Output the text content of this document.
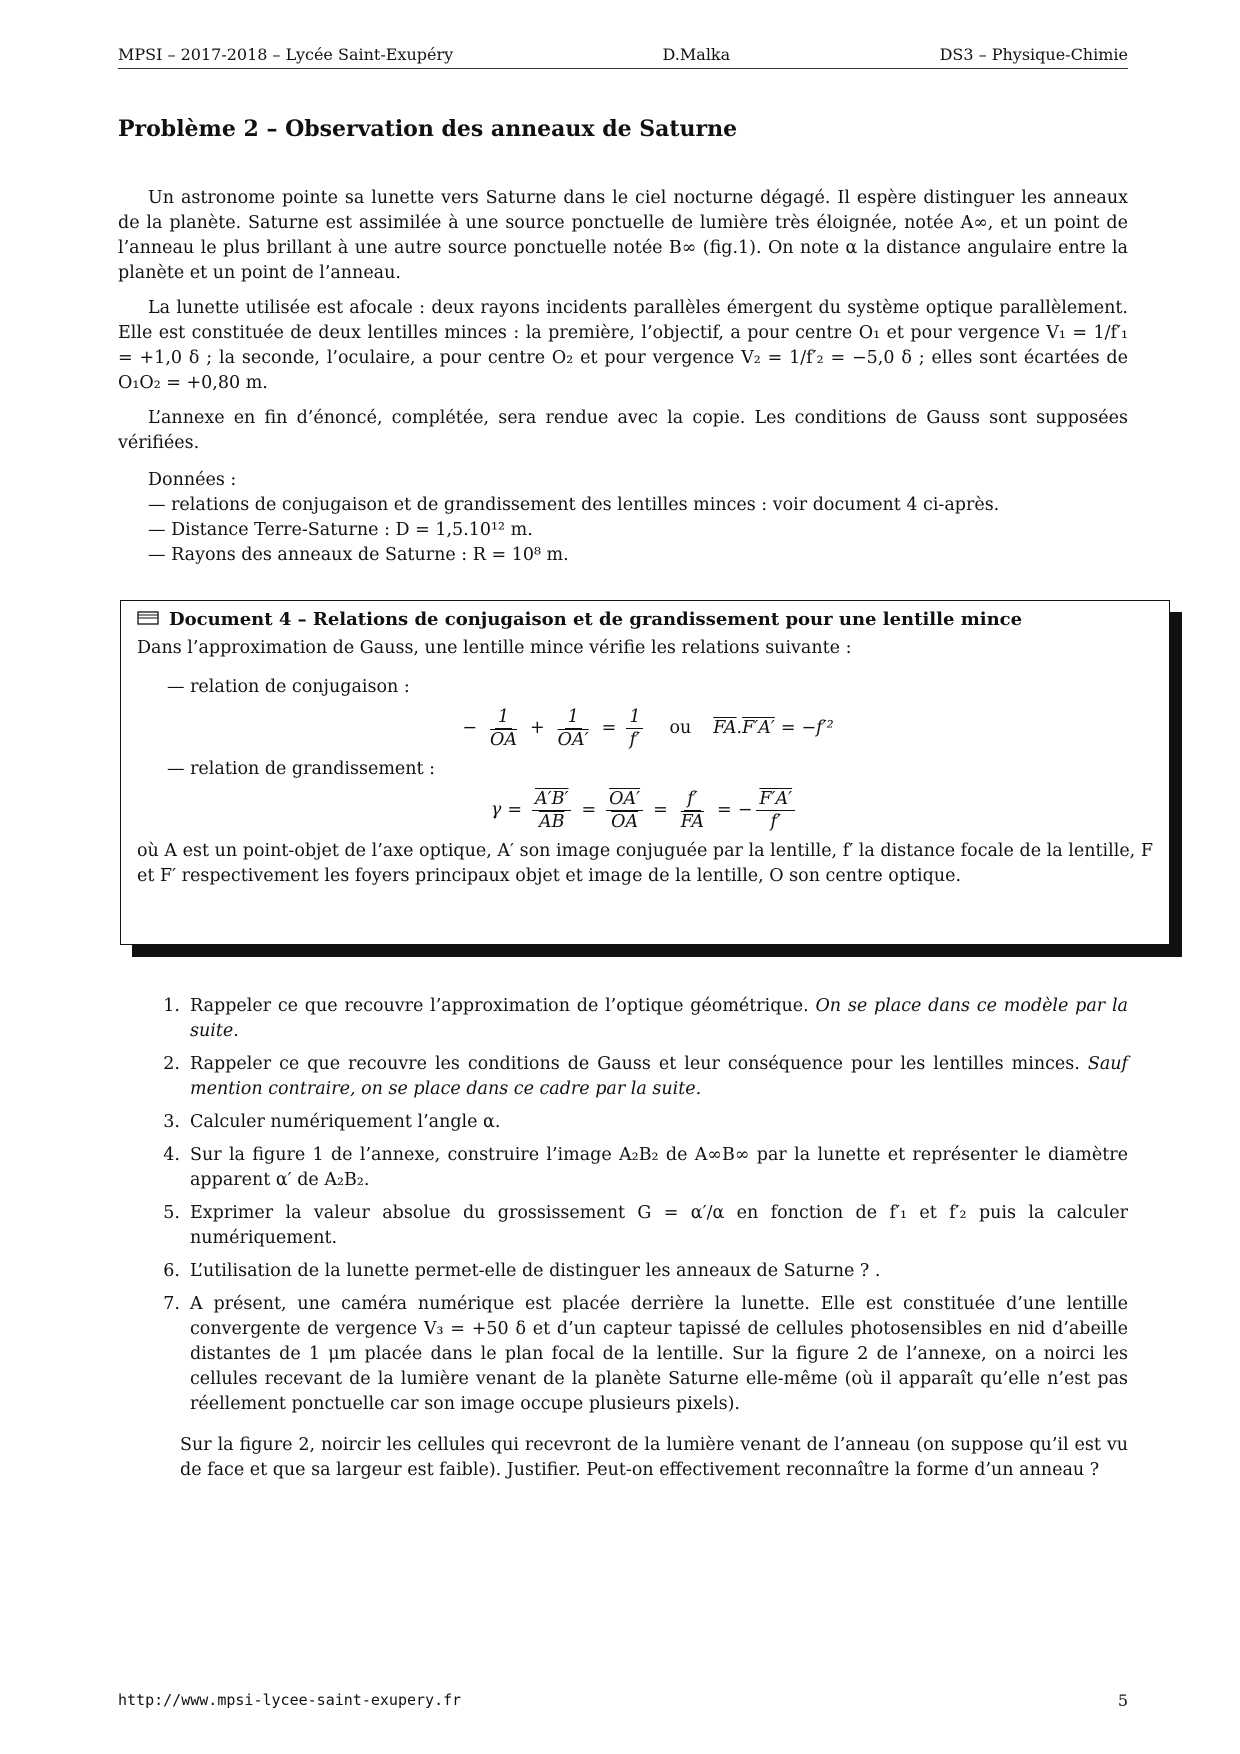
MPSI – 2017-2018 – Lycée Saint-Exupéry	D.Malka	DS3 – Physique-Chimie
Problème 2 – Observation des anneaux de Saturne

Un astronome pointe sa lunette vers Saturne dans le ciel nocturne dégagé. Il espère distinguer les anneaux de la planète. Saturne est assimilée à une source ponctuelle de lumière très éloignée, notée A∞, et un point de l’anneau le plus brillant à une autre source ponctuelle notée B∞ (fig.1). On note α la distance angulaire entre la planète et un point de l’anneau.

La lunette utilisée est afocale : deux rayons incidents parallèles émergent du système optique parallèlement. Elle est constituée de deux lentilles minces : la première, l’objectif, a pour centre O₁ et pour vergence V₁ = 1/f′₁ = +1,0 δ ; la seconde, l’oculaire, a pour centre O₂ et pour vergence V₂ = 1/f′₂ = −5,0 δ ; elles sont écartées de O₁O₂ = +0,80 m.

L’annexe en fin d’énoncé, complétée, sera rendue avec la copie. Les conditions de Gauss sont supposées vérifiées.

Données :

— relations de conjugaison et de grandissement des lentilles minces : voir document 4 ci-après.
— Distance Terre-Saturne : D = 1,5.10¹² m.
— Rayons des anneaux de Saturne : R = 10⁸ m.
Document 4 – Relations de conjugaison et de grandissement pour une lentille mince
Dans l’approximation de Gauss, une lentille mince vérifie les relations suivante :
— relation de conjugaison :
− $\frac{1}{OA} + \frac{1}{OA'} = \frac{1}{f'}$ ou $\overline{FA}$ . F′A′ = −f′²
— relation de grandissement :
$\gamma = \frac{A'B'}{AB} = \frac{OA'}{OA} = \frac{f'}{FA}$ = − $\frac{F'A'}{f'}$
où A est un point-objet de l’axe optique, A′ son image conjuguée par la lentille, f′ la distance focale de la lentille, F et F′ respectivement les foyers principaux objet et image de la lentille, O son centre optique.
1. Rappeler ce que recouvre l’approximation de l’optique géométrique. On se place dans ce modèle par la suite.
2. Rappeler ce que recouvre les conditions de Gauss et leur conséquence pour les lentilles minces. Sauf mention contraire, on se place dans ce cadre par la suite.
3. Calculer numériquement l’angle α.
4. Sur la figure 1 de l’annexe, construire l’image A₂B₂ de A∞B∞ par la lunette et représenter le diamètre apparent α′ de A₂B₂.
5. Exprimer la valeur absolue du grossissement G = α′/α en fonction de f′₁ et f′₂ puis la calculer numériquement.
6. L’utilisation de la lunette permet-elle de distinguer les anneaux de Saturne ? .
7. A présent, une caméra numérique est placée derrière la lunette. Elle est constituée d’une lentille convergente de vergence V₃ = +50 δ et d’un capteur tapissé de cellules photosensibles en nid d’abeille distantes de 1 μm placée dans le plan focal de la lentille. Sur la figure 2 de l’annexe, on a noirci les cellules recevant de la lumière venant de la planète Saturne elle-même (où il apparaît qu’elle n’est pas réellement ponctuelle car son image occupe plusieurs pixels).
Sur la figure 2, noircir les cellules qui recevront de la lumière venant de l’anneau (on suppose qu’il est vu de face et que sa largeur est faible). Justifier. Peut-on effectivement reconnaître la forme d’un anneau ?
http://www.mpsi-lycee-saint-exupery.fr	5
